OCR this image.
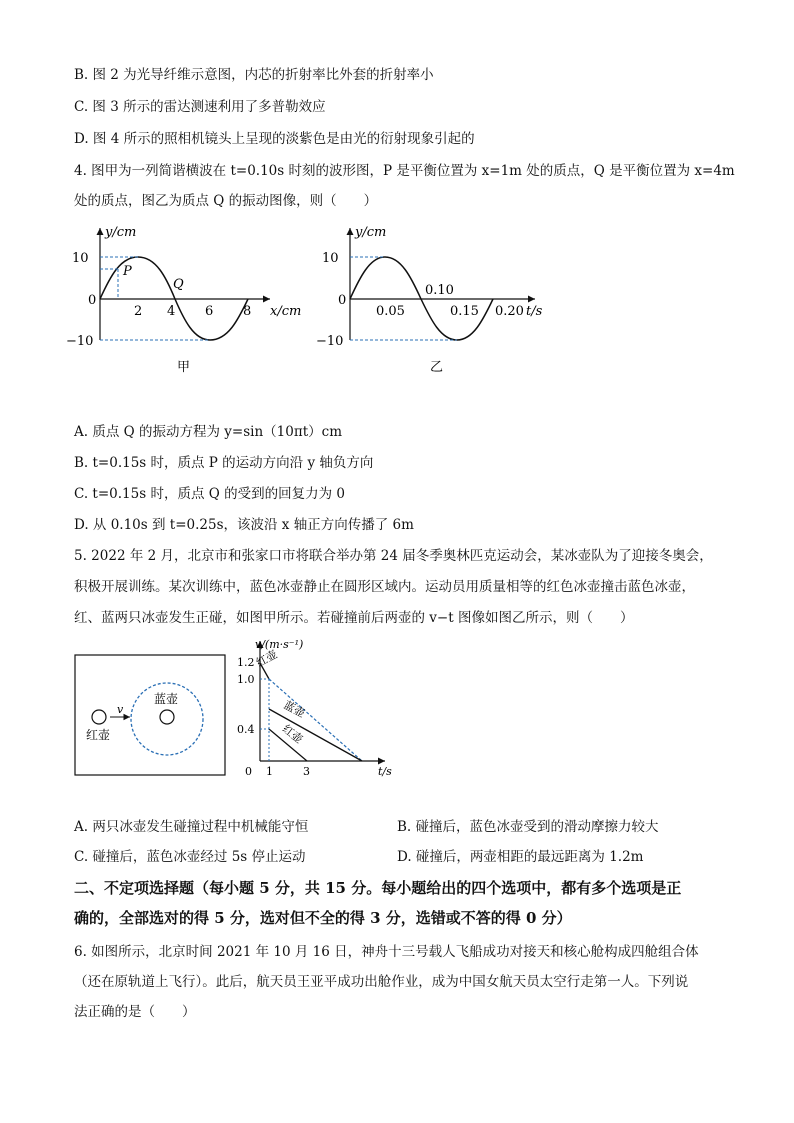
B. 图 2 为光导纤维示意图，内芯的折射率比外套的折射率小
C. 图 3 所示的雷达测速利用了多普勒效应
D. 图 4 所示的照相机镜头上呈现的淡紫色是由光的衍射现象引起的
4. 图甲为一列简谐横波在 t=0.10s 时刻的波形图，P 是平衡位置为 x=1m 处的质点，Q 是平衡位置为 x=4m
处的质点，图乙为质点 Q 的振动图像，则（　　）
y/cm
x/cm
10
0
−10
2 4 6 8
P
Q
甲
y/cm
t/s
10
0
−10
0.05
0.10
0.15 0.20
乙
A. 质点 Q 的振动方程为 y=sin（10πt）cm
B. t=0.15s 时，质点 P 的运动方向沿 y 轴负方向
C. t=0.15s 时，质点 Q 的受到的回复力为 0
D. 从 0.10s 到 t=0.25s，该波沿 x 轴正方向传播了 6m
5. 2022 年 2 月，北京市和张家口市将联合举办第 24 届冬季奥林匹克运动会，某冰壶队为了迎接冬奥会，
积极开展训练。某次训练中，蓝色冰壶静止在圆形区域内。运动员用质量相等的红色冰壶撞击蓝色冰壶，
红、蓝两只冰壶发生正碰，如图甲所示。若碰撞前后两壶的 v−t 图像如图乙所示，则（　　）
v
蓝壶
红壶
v/(m·s⁻¹)
t/s
1.2
1.0
0.4
0 1	3
红壶
蓝壶
红壶
A. 两只冰壶发生碰撞过程中机械能守恒	B. 碰撞后，蓝色冰壶受到的滑动摩擦力较大
C. 碰撞后，蓝色冰壶经过 5s 停止运动	D. 碰撞后，两壶相距的最远距离为 1.2m
二、不定项选择题（每小题 5 分，共 15 分。每小题给出的四个选项中，都有多个选项是正
确的，全部选对的得 5 分，选对但不全的得 3 分，选错或不答的得 0 分）
6. 如图所示，北京时间 2021 年 10 月 16 日，神舟十三号载人飞船成功对接天和核心舱构成四舱组合体
（还在原轨道上飞行）。此后，航天员王亚平成功出舱作业，成为中国女航天员太空行走第一人。下列说
法正确的是（　　）
